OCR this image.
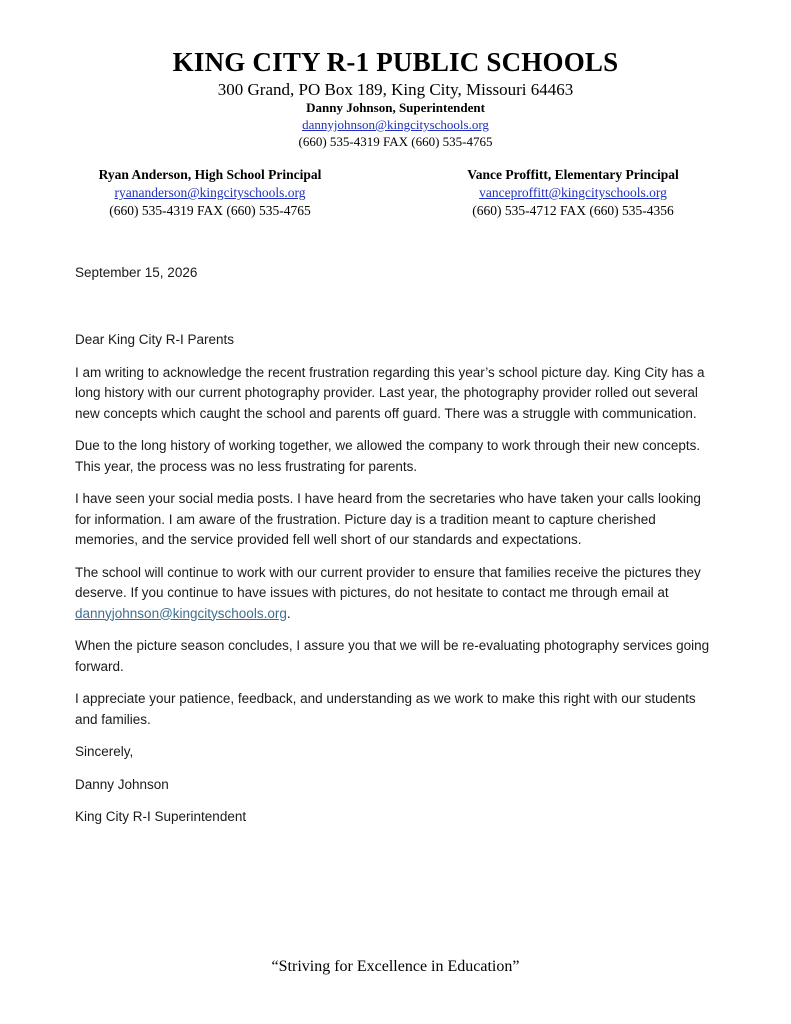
KING CITY R-1 PUBLIC SCHOOLS
300 Grand, PO Box 189, King City, Missouri 64463
Danny Johnson, Superintendent
dannyjohnson@kingcityschools.org
(660) 535-4319 FAX (660) 535-4765
Ryan Anderson, High School Principal
ryananderson@kingcityschools.org
(660) 535-4319 FAX (660) 535-4765
Vance Proffitt, Elementary Principal
vanceproffitt@kingcityschools.org
(660) 535-4712 FAX (660) 535-4356
September 15, 2026

Dear King City R-I Parents

I am writing to acknowledge the recent frustration regarding this year’s school picture day. King City has a long history with our current photography provider. Last year, the photography provider rolled out several new concepts which caught the school and parents off guard. There was a struggle with communication.

Due to the long history of working together, we allowed the company to work through their new concepts. This year, the process was no less frustrating for parents.

I have seen your social media posts. I have heard from the secretaries who have taken your calls looking for information. I am aware of the frustration. Picture day is a tradition meant to capture cherished memories, and the service provided fell well short of our standards and expectations.

The school will continue to work with our current provider to ensure that families receive the pictures they deserve. If you continue to have issues with pictures, do not hesitate to contact me through email at dannyjohnson@kingcityschools.org.

When the picture season concludes, I assure you that we will be re-evaluating photography services going forward.

I appreciate your patience, feedback, and understanding as we work to make this right with our students and families.

Sincerely,

Danny Johnson

King City R-I Superintendent

“Striving for Excellence in Education”
